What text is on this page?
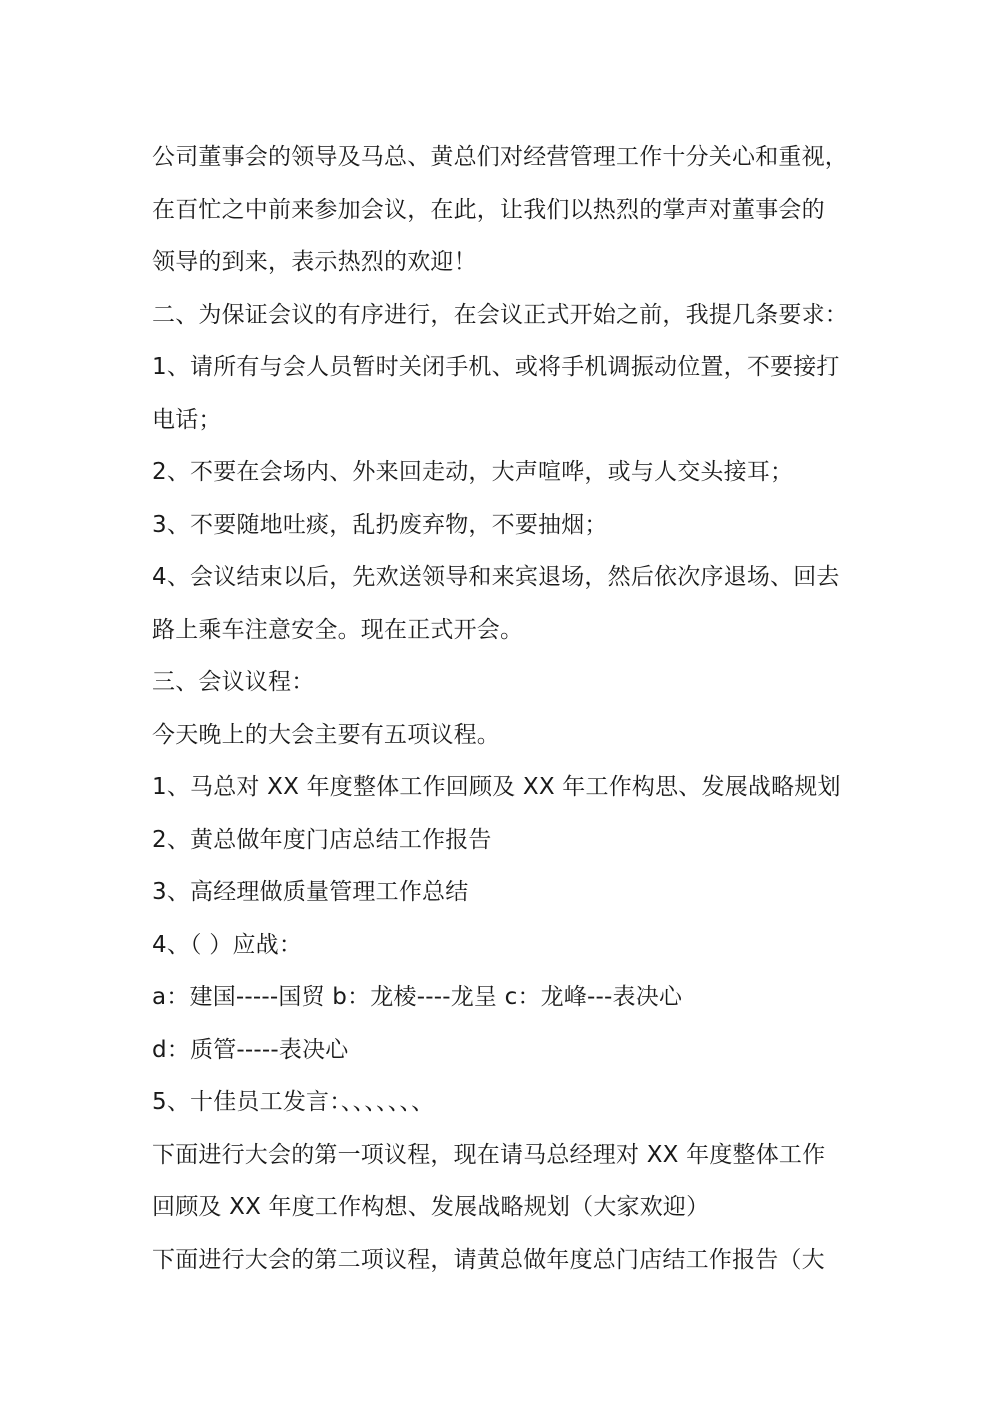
公司董事会的领导及马总、黄总们对经营管理工作十分关心和重视，
在百忙之中前来参加会议，在此，让我们以热烈的掌声对董事会的
领导的到来，表示热烈的欢迎！
二、为保证会议的有序进行，在会议正式开始之前，我提几条要求：
1、请所有与会人员暂时关闭手机、或将手机调振动位置，不要接打
电话；
2、不要在会场内、外来回走动，大声喧哗，或与人交头接耳；
3、不要随地吐痰，乱扔废弃物，不要抽烟；
4、会议结束以后，先欢送领导和来宾退场，然后依次序退场、回去
路上乘车注意安全。现在正式开会。
三、会议议程：
今天晚上的大会主要有五项议程。
1、马总对 XX 年度整体工作回顾及 XX 年工作构思、发展战略规划
2、黄总做年度门店总结工作报告
3、高经理做质量管理工作总结
4、（ ）应战：
a：建国-----国贸 b：龙棱----龙呈 c：龙峰---表决心
d：质管-----表决心
5、十佳员工发言：、、、、、、、
下面进行大会的第一项议程，现在请马总经理对 XX 年度整体工作
回顾及 XX 年度工作构想、发展战略规划（大家欢迎）
下面进行大会的第二项议程，请黄总做年度总门店结工作报告（大
